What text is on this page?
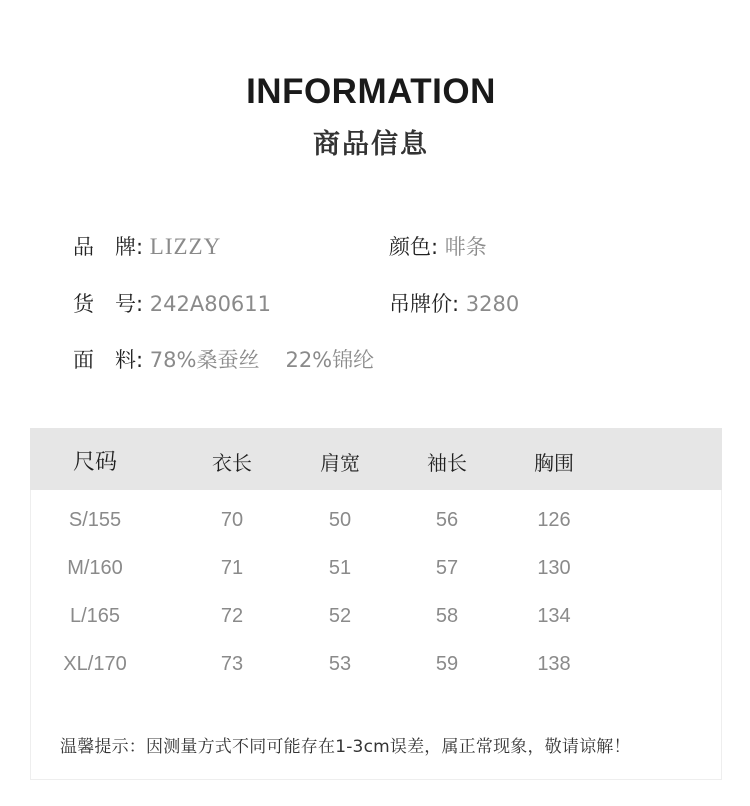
INFORMATION
商品信息
品　牌: LIZZY	颜色: 啡条
货　号: 242A80611	吊牌价: 3280
面　料: 78%桑蚕丝 22%锦纶
尺码	衣长	肩宽	袖长	胸围
S/155	70	50	56	126
M/160	71	51	57	130
L/165	72	52	58	134
XL/170	73	53	59	138
温馨提示：因测量方式不同可能存在1-3cm误差，属正常现象，敬请谅解！
